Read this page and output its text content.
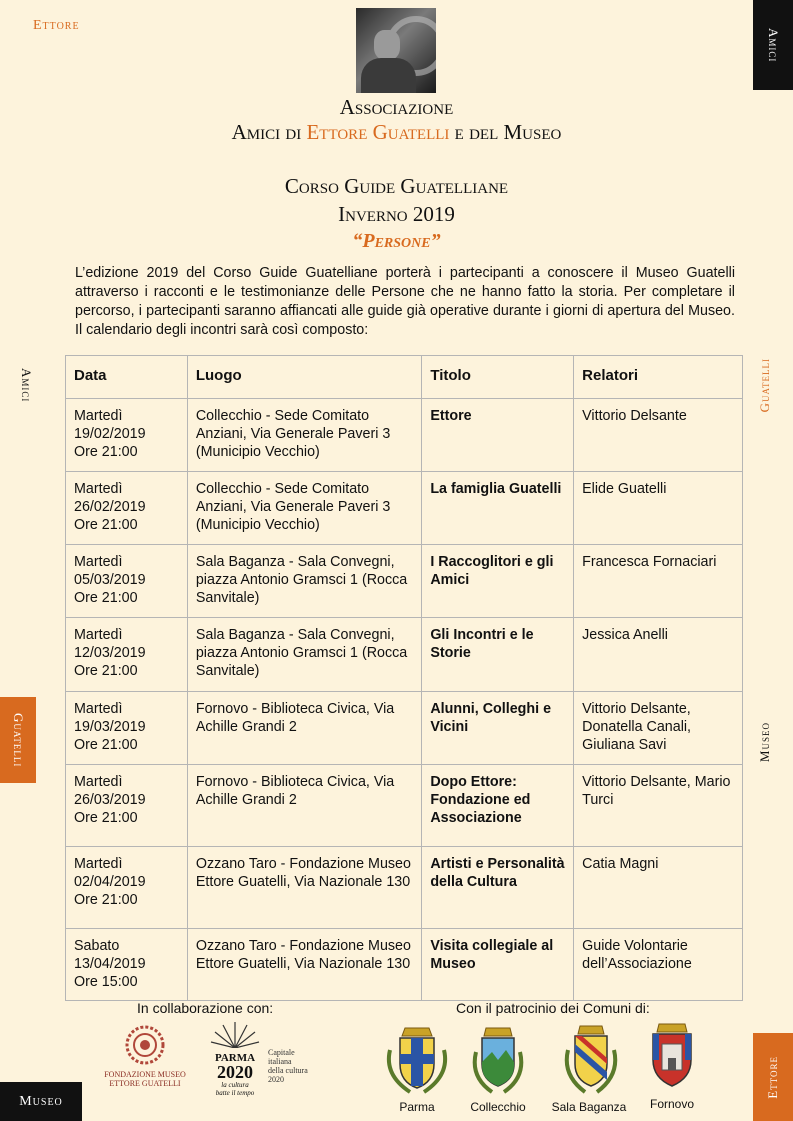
Ettore
Associazione
Amici di Ettore Guatelli e del Museo
Corso Guide Guatelliane
Inverno 2019
“Persone”

L’edizione 2019 del Corso Guide Guatelliane porterà i partecipanti a conoscere il Museo Guatelli attraverso i racconti e le testimonianze delle Persone che ne hanno fatto la storia. Per completare il percorso, i partecipanti saranno affiancati alle guide già operative durante i giorni di apertura del Museo. Il calendario degli incontri sarà così composto:

Data	Luogo	Titolo	Relatori

Martedì
19/02/2019
Ore 21:00	Collecchio - Sede Comitato Anziani, Via Generale Paveri 3 (Municipio Vecchio)	Ettore	Vittorio Delsante

Martedì
26/02/2019
Ore 21:00	Collecchio - Sede Comitato Anziani, Via Generale Paveri 3 (Municipio Vecchio)	La famiglia Guatelli	Elide Guatelli

Martedì
05/03/2019
Ore 21:00	Sala Baganza - Sala Convegni, piazza Antonio Gramsci 1 (Rocca Sanvitale)	I Raccoglitori e gli Amici	Francesca Fornaciari

Martedì
12/03/2019
Ore 21:00	Sala Baganza - Sala Convegni, piazza Antonio Gramsci 1 (Rocca Sanvitale)	Gli Incontri e le Storie	Jessica Anelli

Martedì
19/03/2019
Ore 21:00	Fornovo - Biblioteca Civica, Via Achille Grandi 2	Alunni, Colleghi e Vicini	Vittorio Delsante, Donatella Canali, Giuliana Savi

Martedì
26/03/2019
Ore 21:00	Fornovo - Biblioteca Civica, Via Achille Grandi 2	Dopo Ettore: Fondazione ed Associazione	Vittorio Delsante, Mario Turci

Martedì
02/04/2019
Ore 21:00	Ozzano Taro - Fondazione Museo Ettore Guatelli, Via Nazionale 130	Artisti e Personalità della Cultura	Catia Magni

Sabato
13/04/2019
Ore 15:00	Ozzano Taro - Fondazione Museo Ettore Guatelli, Via Nazionale 130	Visita collegiale al Museo	Guide Volontarie dell’Associazione
Amici
Amici	Guatelli
Guatelli	Museo
Ettore
Museo
In collaborazione con:	Con il patrocinio dei Comuni di:
FONDAZIONE MUSEO
ETTORE GUATELLI
PARMA
2020
la cultura
batte il tempo
Capitale
italiana
della cultura
2020
Parma	Collecchio	Sala Baganza	Fornovo
